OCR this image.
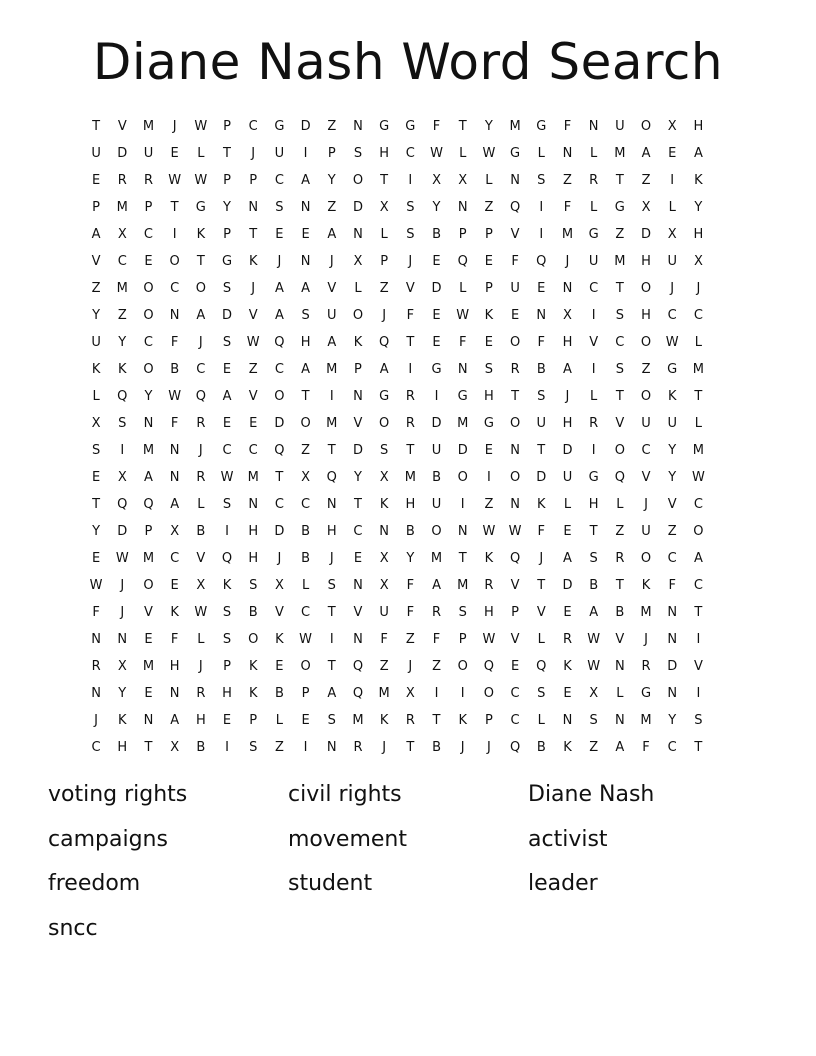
Diane Nash Word Search
T	V	M	J	W	P	C	G	D	Z	N	G	G	F	T	Y	M	G	F	N	U	O	X	H
U	D	U	E	L	T	J	U	I	P	S	H	C	W	L	W	G	L	N	L	M	A	E	A
E	R	R	W	W	P	P	C	A	Y	O	T	I	X	X	L	N	S	Z	R	T	Z	I	K
P	M	P	T	G	Y	N	S	N	Z	D	X	S	Y	N	Z	Q	I	F	L	G	X	L	Y
A	X	C	I	K	P	T	E	E	A	N	L	S	B	P	P	V	I	M	G	Z	D	X	H
V	C	E	O	T	G	K	J	N	J	X	P	J	E	Q	E	F	Q	J	U	M	H	U	X
Z	M	O	C	O	S	J	A	A	V	L	Z	V	D	L	P	U	E	N	C	T	O	J	J
Y	Z	O	N	A	D	V	A	S	U	O	J	F	E	W	K	E	N	X	I	S	H	C	C
U	Y	C	F	J	S	W	Q	H	A	K	Q	T	E	F	E	O	F	H	V	C	O	W	L
K	K	O	B	C	E	Z	C	A	M	P	A	I	G	N	S	R	B	A	I	S	Z	G	M
L	Q	Y	W	Q	A	V	O	T	I	N	G	R	I	G	H	T	S	J	L	T	O	K	T
X	S	N	F	R	E	E	D	O	M	V	O	R	D	M	G	O	U	H	R	V	U	U	L
S	I	M	N	J	C	C	Q	Z	T	D	S	T	U	D	E	N	T	D	I	O	C	Y	M
E	X	A	N	R	W	M	T	X	Q	Y	X	M	B	O	I	O	D	U	G	Q	V	Y	W
T	Q	Q	A	L	S	N	C	C	N	T	K	H	U	I	Z	N	K	L	H	L	J	V	C
Y	D	P	X	B	I	H	D	B	H	C	N	B	O	N	W	W	F	E	T	Z	U	Z	O
E	W	M	C	V	Q	H	J	B	J	E	X	Y	M	T	K	Q	J	A	S	R	O	C	A
W	J	O	E	X	K	S	X	L	S	N	X	F	A	M	R	V	T	D	B	T	K	F	C
F	J	V	K	W	S	B	V	C	T	V	U	F	R	S	H	P	V	E	A	B	M	N	T
N	N	E	F	L	S	O	K	W	I	N	F	Z	F	P	W	V	L	R	W	V	J	N	I
R	X	M	H	J	P	K	E	O	T	Q	Z	J	Z	O	Q	E	Q	K	W	N	R	D	V
N	Y	E	N	R	H	K	B	P	A	Q	M	X	I	I	O	C	S	E	X	L	G	N	I
J	K	N	A	H	E	P	L	E	S	M	K	R	T	K	P	C	L	N	S	N	M	Y	S
C	H	T	X	B	I	S	Z	I	N	R	J	T	B	J	J	Q	B	K	Z	A	F	C	T
voting rights	civil rights	Diane Nash
campaigns	movement	activist
freedom	student	leader
sncc
